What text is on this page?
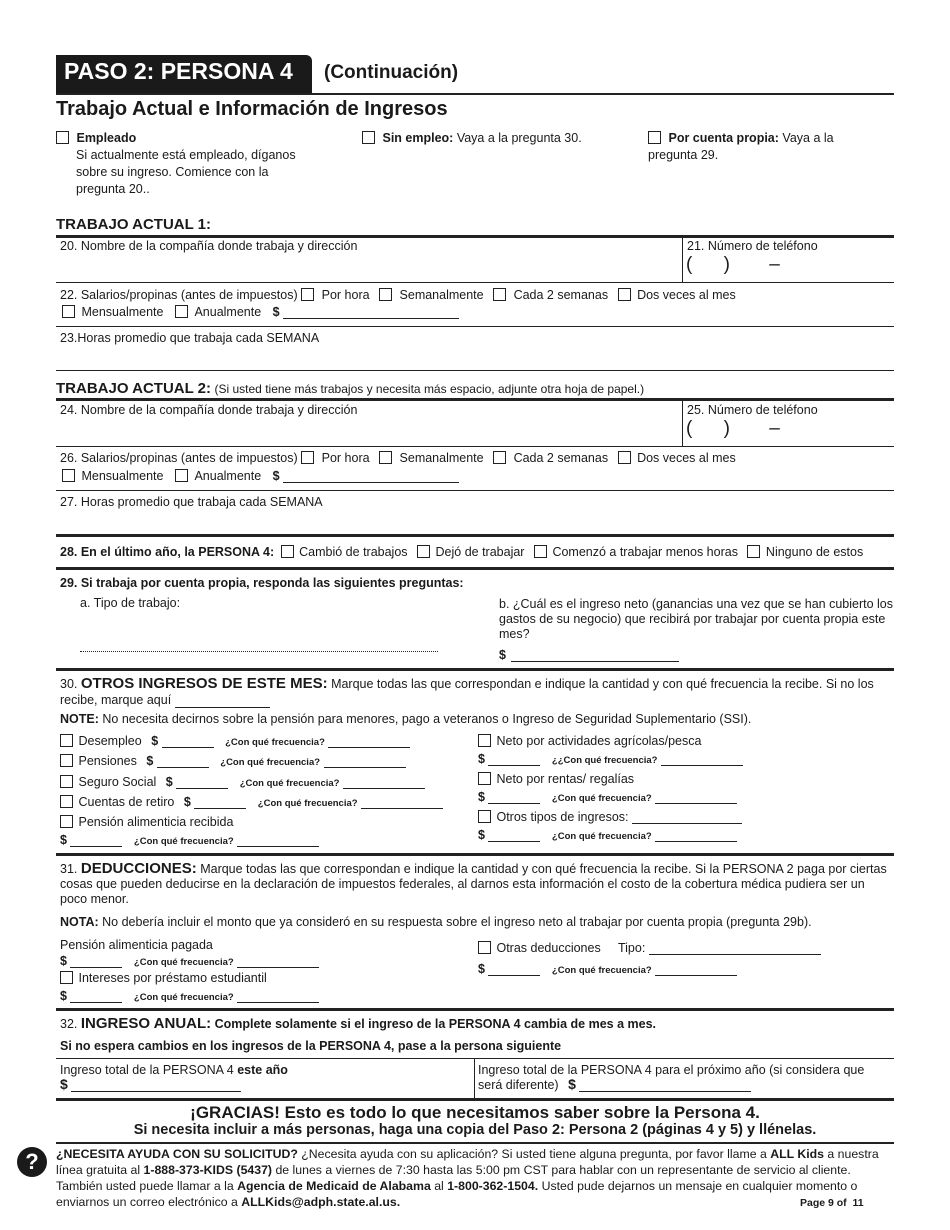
PASO 2: PERSONA 4	(Continuación)
Trabajo Actual e Información de Ingresos
Empleado
Si actualmente está empleado, díganos sobre su ingreso. Comience con la pregunta 20..
Sin empleo: Vaya a la pregunta 30.	Por cuenta propia: Vaya a la pregunta 29.
TRABAJO ACTUAL 1:
20. Nombre de la compañía donde trabaja y dirección	21. Número de teléfono
( ) –
22. Salarios/propinas (antes de impuestos) Por hora Semanalmente Cada 2 semanas Dos veces al mes
Mensualmente Anualmente $
23.Horas promedio que trabaja cada SEMANA
TRABAJO ACTUAL 2: (Si usted tiene más trabajos y necesita más espacio, adjunte otra hoja de papel.)
24. Nombre de la compañía donde trabaja y dirección	25. Número de teléfono
( ) –
26. Salarios/propinas (antes de impuestos) Por hora Semanalmente Cada 2 semanas Dos veces al mes
Mensualmente Anualmente $
27. Horas promedio que trabaja cada SEMANA
28. En el último año, la PERSONA 4: Cambió de trabajos Dejó de trabajar Comenzó a trabajar menos horas Ninguno de estos
29. Si trabaja por cuenta propia, responda las siguientes preguntas:
a. Tipo de trabajo:	b. ¿Cuál es el ingreso neto (ganancias una vez que se han cubierto los gastos de su negocio) que recibirá por trabajar por cuenta propia este mes?
$
30. OTROS INGRESOS DE ESTE MES: Marque todas las que correspondan e indique la cantidad y con qué frecuencia la recibe. Si no los recibe, marque aquí
NOTE: No necesita decirnos sobre la pensión para menores, pago a veteranos o Ingreso de Seguridad Suplementario (SSI).
Desempleo $	¿Con qué frecuencia?
Pensiones $	¿Con qué frecuencia?
Seguro Social $	¿Con qué frecuencia?
Cuentas de retiro $	¿Con qué frecuencia?
Pensión alimenticia recibida
$	¿Con qué frecuencia?
Neto por actividades agrícolas/pesca
$	¿¿Con qué frecuencia?
Neto por rentas/ regalías
$	¿Con qué frecuencia?
Otros tipos de ingresos:
$	¿Con qué frecuencia?
31. DEDUCCIONES: Marque todas las que correspondan e indique la cantidad y con qué frecuencia la recibe. Si la PERSONA 2 paga por ciertas cosas que pueden deducirse en la declaración de impuestos federales, al darnos esta información el costo de la cobertura médica pudiera ser un poco menor.
NOTA: No debería incluir el monto que ya consideró en su respuesta sobre el ingreso neto al trabajar por cuenta propia (pregunta 29b).
Pensión alimenticia pagada
$	¿Con qué frecuencia?
Intereses por préstamo estudiantil
$	¿Con qué frecuencia?
Otras deducciones Tipo:
$	¿Con qué frecuencia?
32. INGRESO ANUAL: Complete solamente si el ingreso de la PERSONA 4 cambia de mes a mes.
Si no espera cambios en los ingresos de la PERSONA 4, pase a la persona siguiente
Ingreso total de la PERSONA 4 este año
$
Ingreso total de la PERSONA 4 para el próximo año (si considera que será diferente) $
¡GRACIAS! Esto es todo lo que necesitamos saber sobre la Persona 4.
Si necesita incluir a más personas, haga una copia del Paso 2: Persona 2 (páginas 4 y 5) y llénelas.
?	¿NECESITA AYUDA CON SU SOLICITUD? ¿Necesita ayuda con su aplicación? Si usted tiene alguna pregunta, por favor llame a ALL Kids a nuestra línea gratuita al 1-888-373-KIDS (5437) de lunes a viernes de 7:30 hasta las 5:00 pm CST para hablar con un representante de servicio al cliente. También usted puede llamar a la Agencia de Medicaid de Alabama al 1-800-362-1504. Usted pude dejarnos un mensaje en cualquier momento o enviarnos un correo electrónico a ALLKids@adph.state.al.us.	Page 9 of  11
